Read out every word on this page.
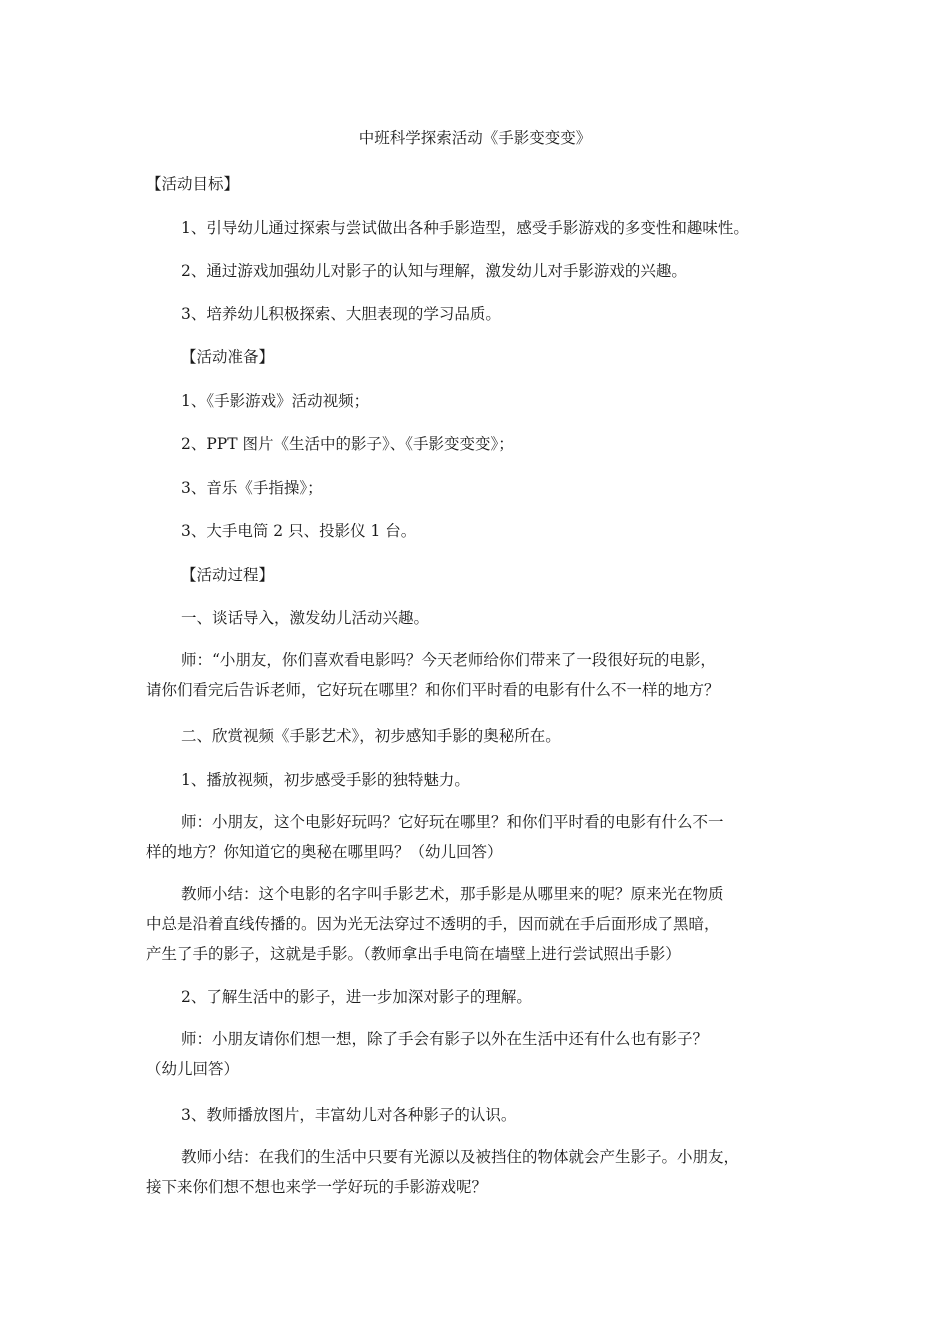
中班科学探索活动《手影变变变》

【活动目标】

1、引导幼儿通过探索与尝试做出各种手影造型，感受手影游戏的多变性和趣味性。

2、通过游戏加强幼儿对影子的认知与理解，激发幼儿对手影游戏的兴趣。

3、培养幼儿积极探索、大胆表现的学习品质。

【活动准备】

1、《手影游戏》活动视频；

2、PPT 图片《生活中的影子》、《手影变变变》；

3、音乐《手指操》；

3、大手电筒 2 只、投影仪 1 台。

【活动过程】

一、谈话导入，激发幼儿活动兴趣。

师：“小朋友，你们喜欢看电影吗？今天老师给你们带来了一段很好玩的电影，
请你们看完后告诉老师，它好玩在哪里？和你们平时看的电影有什么不一样的地方？

二、欣赏视频《手影艺术》，初步感知手影的奥秘所在。

1、播放视频，初步感受手影的独特魅力。

师：小朋友，这个电影好玩吗？它好玩在哪里？和你们平时看的电影有什么不一
样的地方？你知道它的奥秘在哪里吗？（幼儿回答）
教师小结：这个电影的名字叫手影艺术，那手影是从哪里来的呢？原来光在物质
中总是沿着直线传播的。因为光无法穿过不透明的手，因而就在手后面形成了黑暗，
产生了手的影子，这就是手影。（教师拿出手电筒在墙壁上进行尝试照出手影）

2、了解生活中的影子，进一步加深对影子的理解。

师：小朋友请你们想一想，除了手会有影子以外在生活中还有什么也有影子？
（幼儿回答）

3、教师播放图片，丰富幼儿对各种影子的认识。

教师小结：在我们的生活中只要有光源以及被挡住的物体就会产生影子。小朋友，
接下来你们想不想也来学一学好玩的手影游戏呢？
